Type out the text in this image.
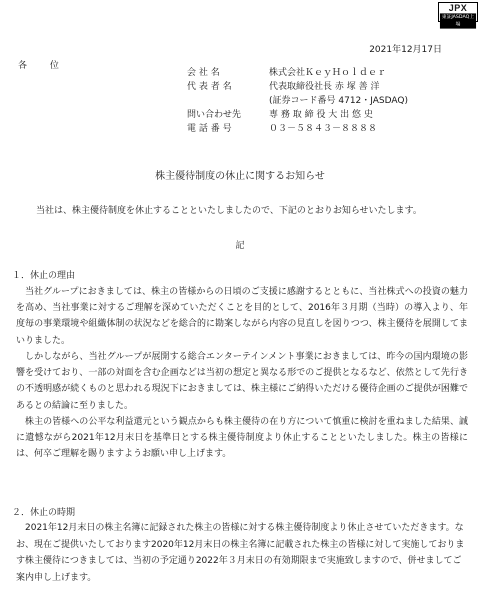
JPX
東証JASDAQ上場
2021年12月17日
各 位
会 社 名	株式会社ＫｅｙＨｏｌｄｅｒ
代 表 者 名	代表取締役社長 赤 塚 善 洋
(証券コード番号 4712・JASDAQ)
問い合わせ先	専 務 取 締 役 大 出 悠 史
電 話 番 号	０３－５８４３－８８８８
株主優待制度の休止に関するお知らせ
当社は、株主優待制度を休止することといたしましたので、下記のとおりお知らせいたします。
記
１．休止の理由

当社グループにおきましては、株主の皆様からの日頃のご支援に感謝するとともに、当社株式への投資の魅力を高め、当社事業に対するご理解を深めていただくことを目的として、2016年３月期（当時）の導入より、年度毎の事業環境や組織体制の状況などを総合的に勘案しながら内容の見直しを図りつつ、株主優待を展開してまいりました。

しかしながら、当社グループが展開する総合エンターテインメント事業におきましては、昨今の国内環境の影響を受けており、一部の対面を含む企画などは当初の想定と異なる形でのご提供となるなど、依然として先行きの不透明感が続くものと思われる現況下におきましては、株主様にご納得いただける優待企画のご提供が困難であるとの結論に至りました。

株主の皆様への公平な利益還元という観点からも株主優待の在り方について慎重に検討を重ねました結果、誠に遺憾ながら2021年12月末日を基準日とする株主優待制度より休止することといたしました。株主の皆様には、何卒ご理解を賜りますようお願い申し上げます。

２．休止の時期

2021年12月末日の株主名簿に記録された株主の皆様に対する株主優待制度より休止させていただきます。なお、現在ご提供いたしております2020年12月末日の株主名簿に記載された株主の皆様に対して実施しております株主優待につきましては、当初の予定通り2022年３月末日の有効期限まで実施致しますので、併せましてご案内申し上げます。
